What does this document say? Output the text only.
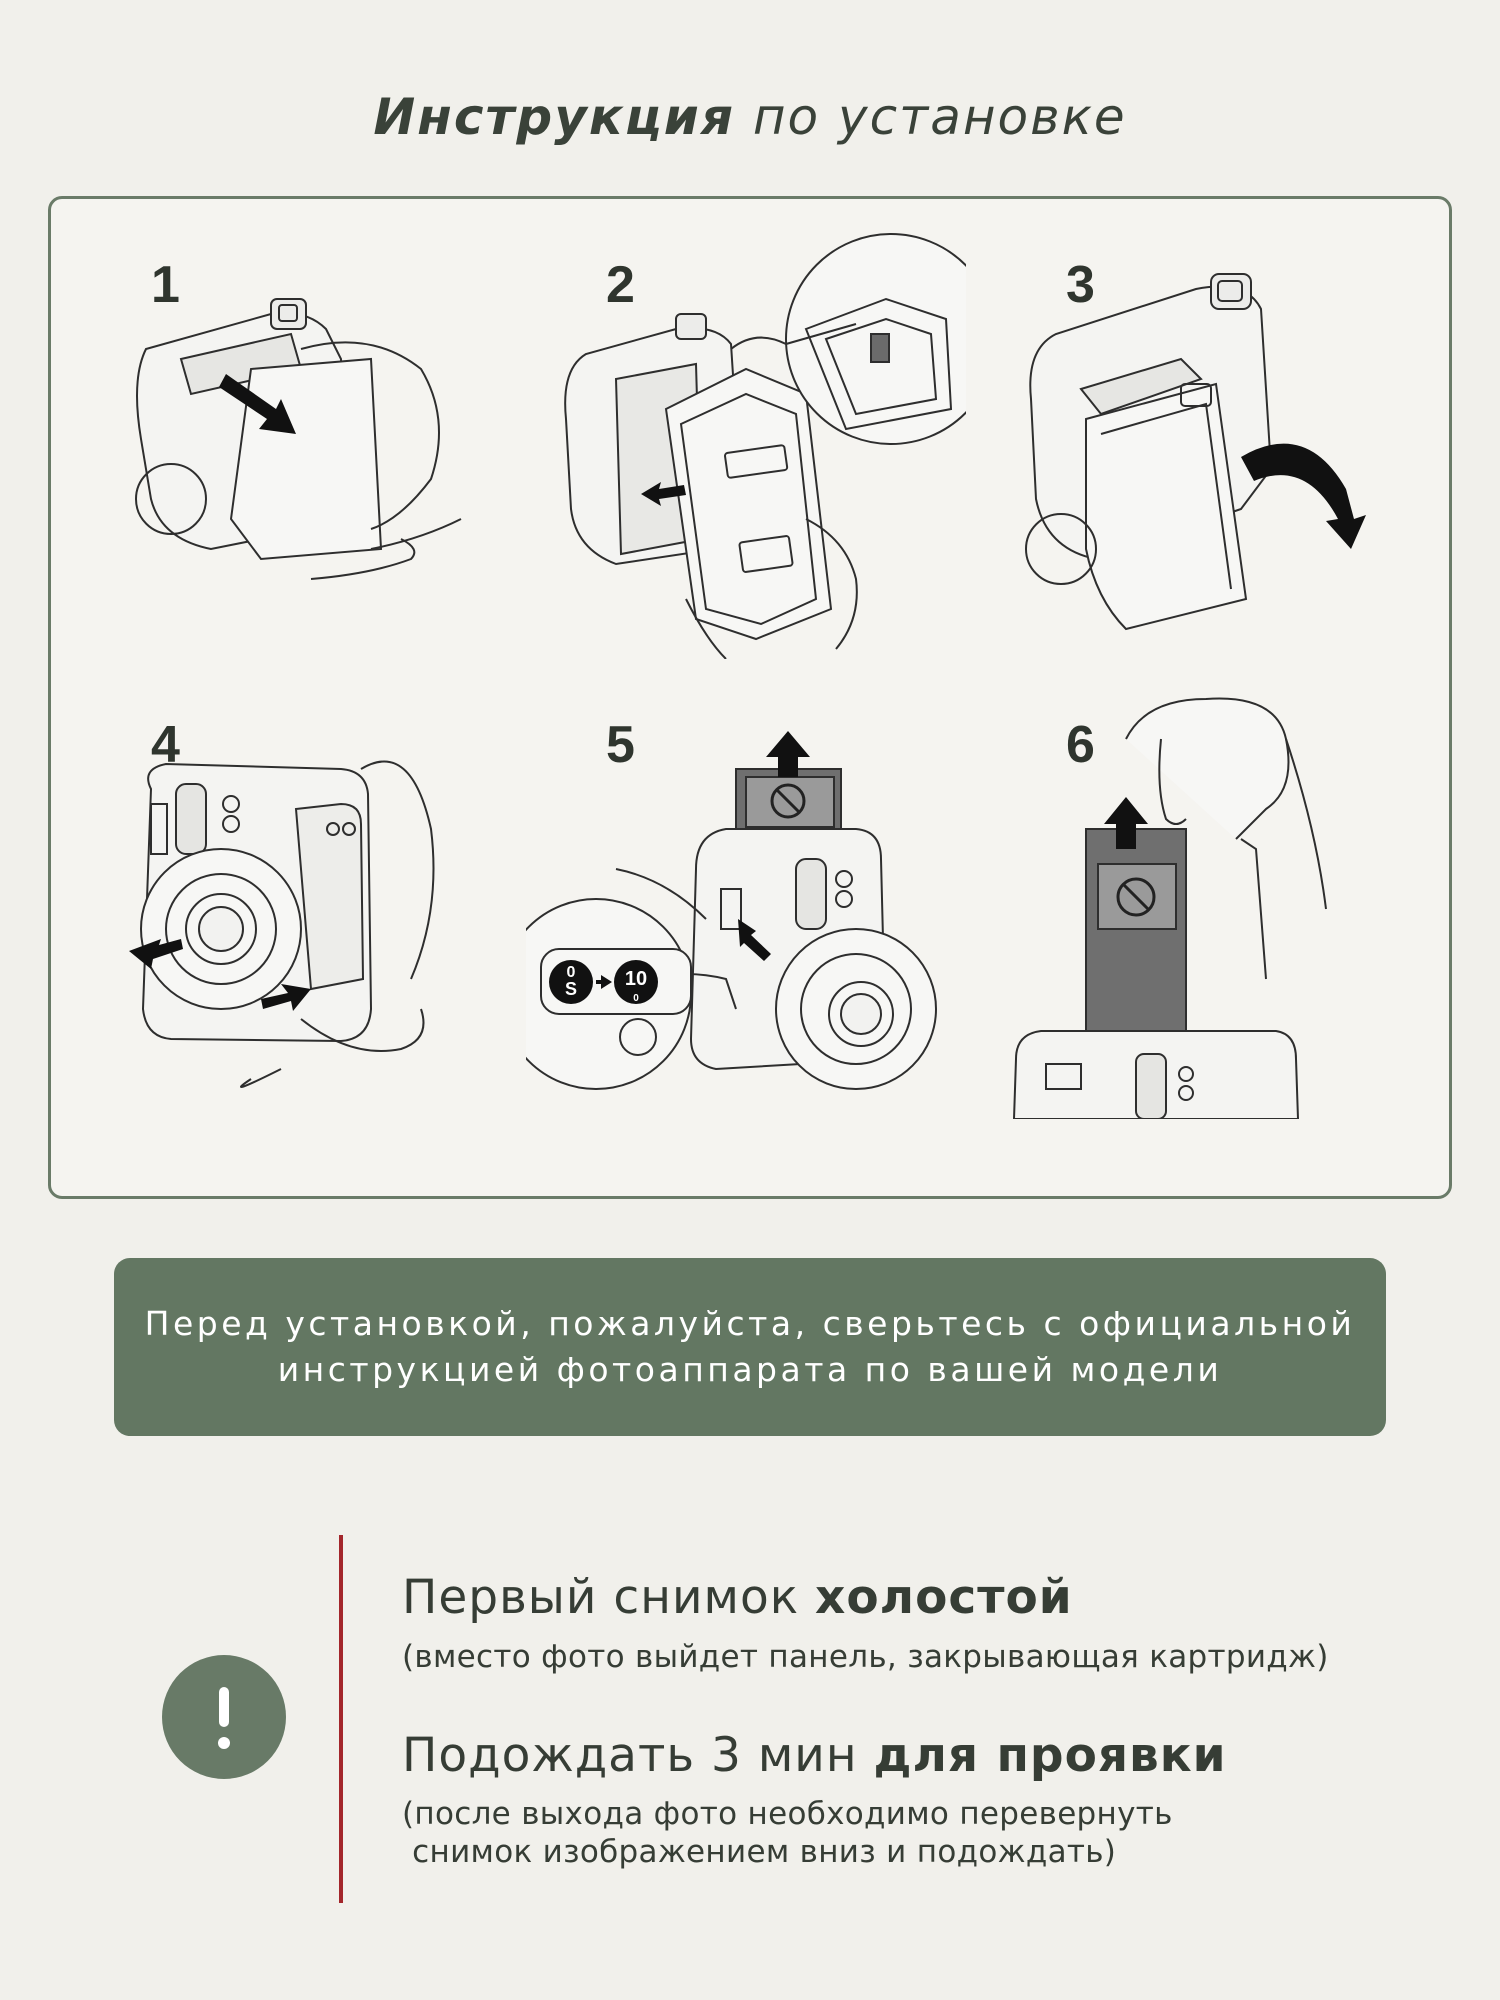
Инструкция по установке
1	2	3
4
0
S 10
0
5	6
Перед установкой, пожалуйста, сверьтесь с официальной
инструкцией фотоаппарата по вашей модели
Первый снимок холостой
(вместо фото выйдет панель, закрывающая картридж)
Подождать 3 мин для проявки
(после выхода фото необходимо перевернуть
снимок изображением вниз и подождать)
